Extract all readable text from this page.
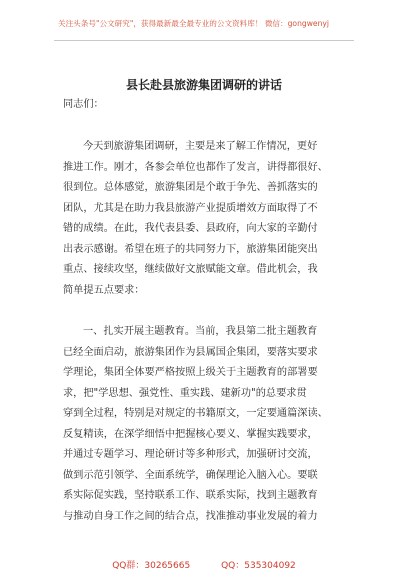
关注头条号"公文研究"，获得最新最全最专业的公文资料库！ 微信：gongwenyj
县长赴县旅游集团调研的讲话
同志们：
今天到旅游集团调研，主要是来了解工作情况，更好
推进工作。刚才，各参会单位也都作了发言，讲得都很好、
很到位。总体感觉，旅游集团是个敢于争先、善抓落实的
团队，尤其是在助力我县旅游产业提质增效方面取得了不
错的成绩。在此，我代表县委、县政府，向大家的辛勤付
出表示感谢。希望在班子的共同努力下，旅游集团能突出
重点、接续攻坚，继续做好文旅赋能文章。借此机会，我
简单提五点要求：
一、扎实开展主题教育。当前，我县第二批主题教育
已经全面启动，旅游集团作为县属国企集团，要落实要求
学理论，集团全体要严格按照上级关于主题教育的部署要
求，把"学思想、强党性、重实践、建新功"的总要求贯
穿到全过程，特别是对规定的书籍原文，一定要通篇深读、
反复精读，在深学细悟中把握核心要义、掌握实践要求，
并通过专题学习、理论研讨等多种形式，加强研讨交流，
做到示范引领学、全面系统学，确保理论入脑入心。要联
系实际促实践，坚持联系工作、联系实际，找到主题教育
与推动自身工作之间的结合点，找准推动事业发展的着力
QQ群：30265665	QQ：535304092
